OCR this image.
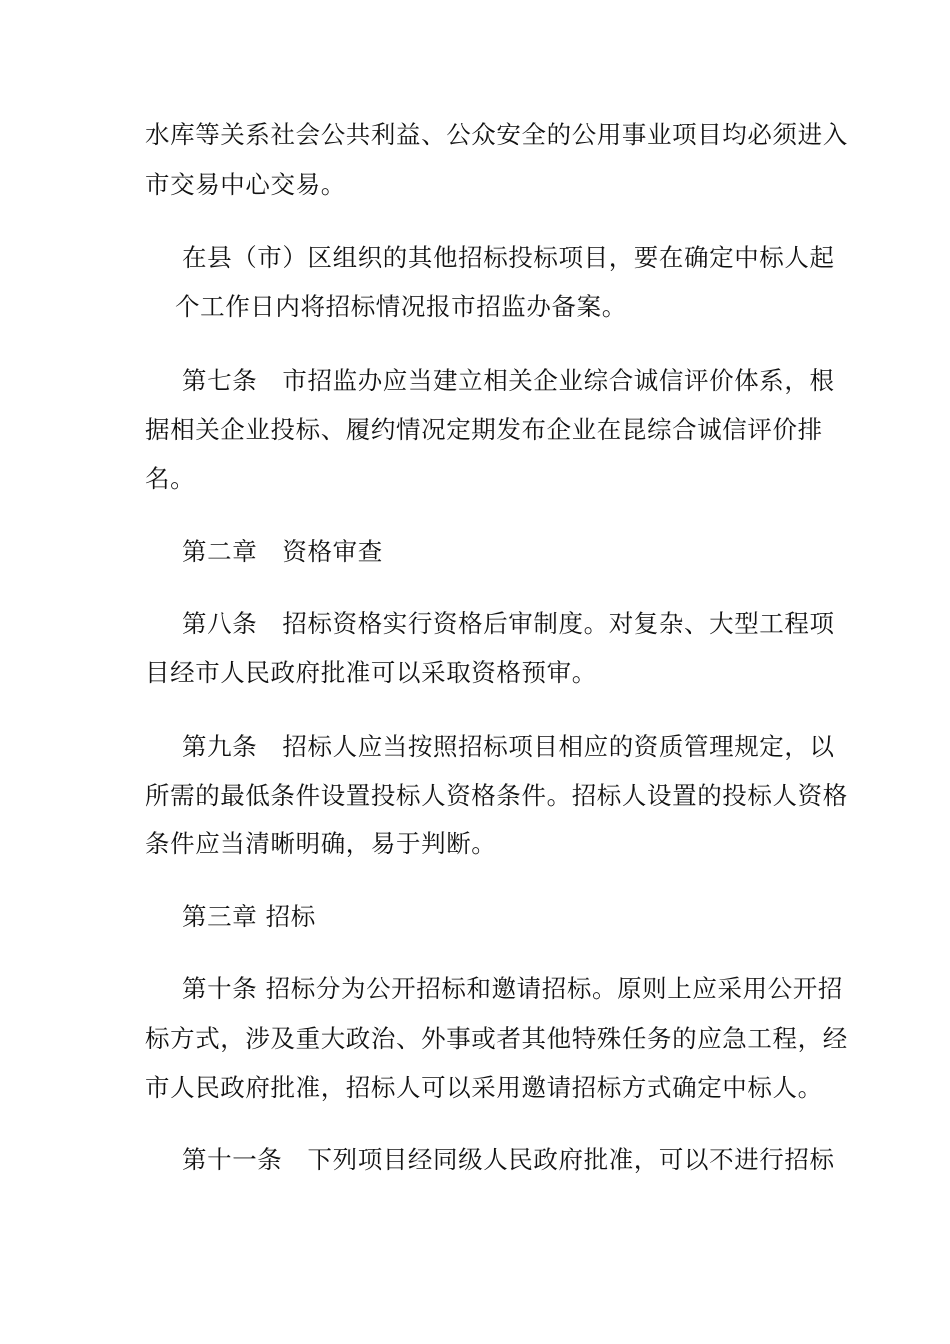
水库等关系社会公共利益、公众安全的公用事业项目均必须进入
市交易中心交易。
在县（市）区组织的其他招标投标项目，要在确定中标人起
个工作日内将招标情况报市招监办备案。
第七条　市招监办应当建立相关企业综合诚信评价体系，根
据相关企业投标、履约情况定期发布企业在昆综合诚信评价排
名。
第二章　资格审查
第八条　招标资格实行资格后审制度。对复杂、大型工程项
目经市人民政府批准可以采取资格预审。
第九条　招标人应当按照招标项目相应的资质管理规定，以
所需的最低条件设置投标人资格条件。招标人设置的投标人资格
条件应当清晰明确，易于判断。
第三章 招标
第十条 招标分为公开招标和邀请招标。原则上应采用公开招
标方式，涉及重大政治、外事或者其他特殊任务的应急工程，经
市人民政府批准，招标人可以采用邀请招标方式确定中标人。
第十一条　下列项目经同级人民政府批准，可以不进行招标
